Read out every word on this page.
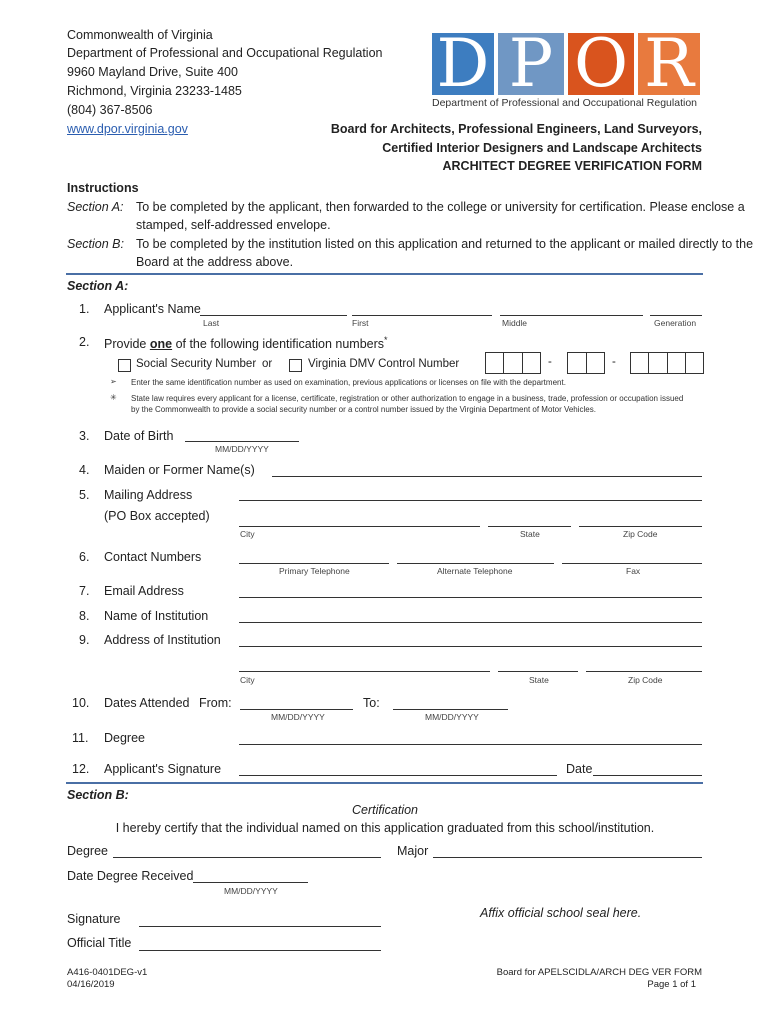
Commonwealth of Virginia
Department of Professional and Occupational Regulation
9960 Mayland Drive, Suite 400
Richmond, Virginia 23233-1485
(804) 367-8506
www.dpor.virginia.gov
D P O R
Department of Professional and Occupational Regulation
Board for Architects, Professional Engineers, Land Surveyors,
Certified Interior Designers and Landscape Architects
ARCHITECT DEGREE VERIFICATION FORM
Instructions
Section A: To be completed by the applicant, then forwarded to the college or university for certification. Please enclose a
stamped, self-addressed envelope.
Section B: To be completed by the institution listed on this application and returned to the applicant or mailed directly to the
Board at the address above.
Section A:
1. Applicant's Name
Last	First	Middle	Generation
2. Provide one of the following identification numbers*
Social Security Number or	Virginia DMV Control Number	-	-
➢ Enter the same identification number as used on examination, previous applications or licenses on file with the department.
✳ State law requires every applicant for a license, certificate, registration or other authorization to engage in a business, trade, profession or occupation issued
by the Commonwealth to provide a social security number or a control number issued by the Virginia Department of Motor Vehicles.
3. Date of Birth
MM/DD/YYYY
4. Maiden or Former Name(s)
5. Mailing Address
(PO Box accepted)
City	State	Zip Code
6. Contact Numbers
Primary Telephone	Alternate Telephone	Fax
7. Email Address
8. Name of Institution
9. Address of Institution
City	State	Zip Code
10. Dates Attended From:	To:
MM/DD/YYYY	MM/DD/YYYY
11. Degree
12. Applicant's Signature	Date
Section B:
Certification
I hereby certify that the individual named on this application graduated from this school/institution.
Degree	Major
Date Degree Received
MM/DD/YYYY
Affix official school seal here.
Signature
Official Title
A416-0401DEG-v1
04/16/2019
Board for APELSCIDLA/ARCH DEG VER FORM
Page 1 of 1
